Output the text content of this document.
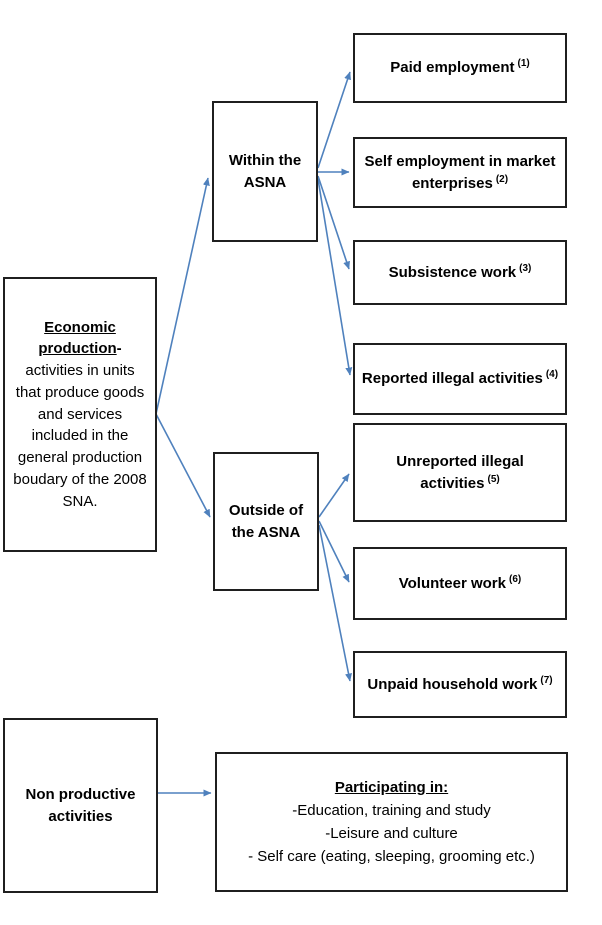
Economic production- activities in units that produce goods and services included in the general production boudary of the 2008 SNA.
Within the ASNA
Outside of the ASNA
Paid employment $^{(1)}$
Self employment in market enterprises $^{(2)}$
Subsistence work $^{(3)}$
Reported illegal activities $^{(4)}$
Unreported illegal activities $^{(5)}$
Volunteer work $^{(6)}$
Unpaid household work $^{(7)}$
Non productive activities
Participating in:
-Education, training and study
-Leisure and culture
- Self care (eating, sleeping, grooming etc.)
